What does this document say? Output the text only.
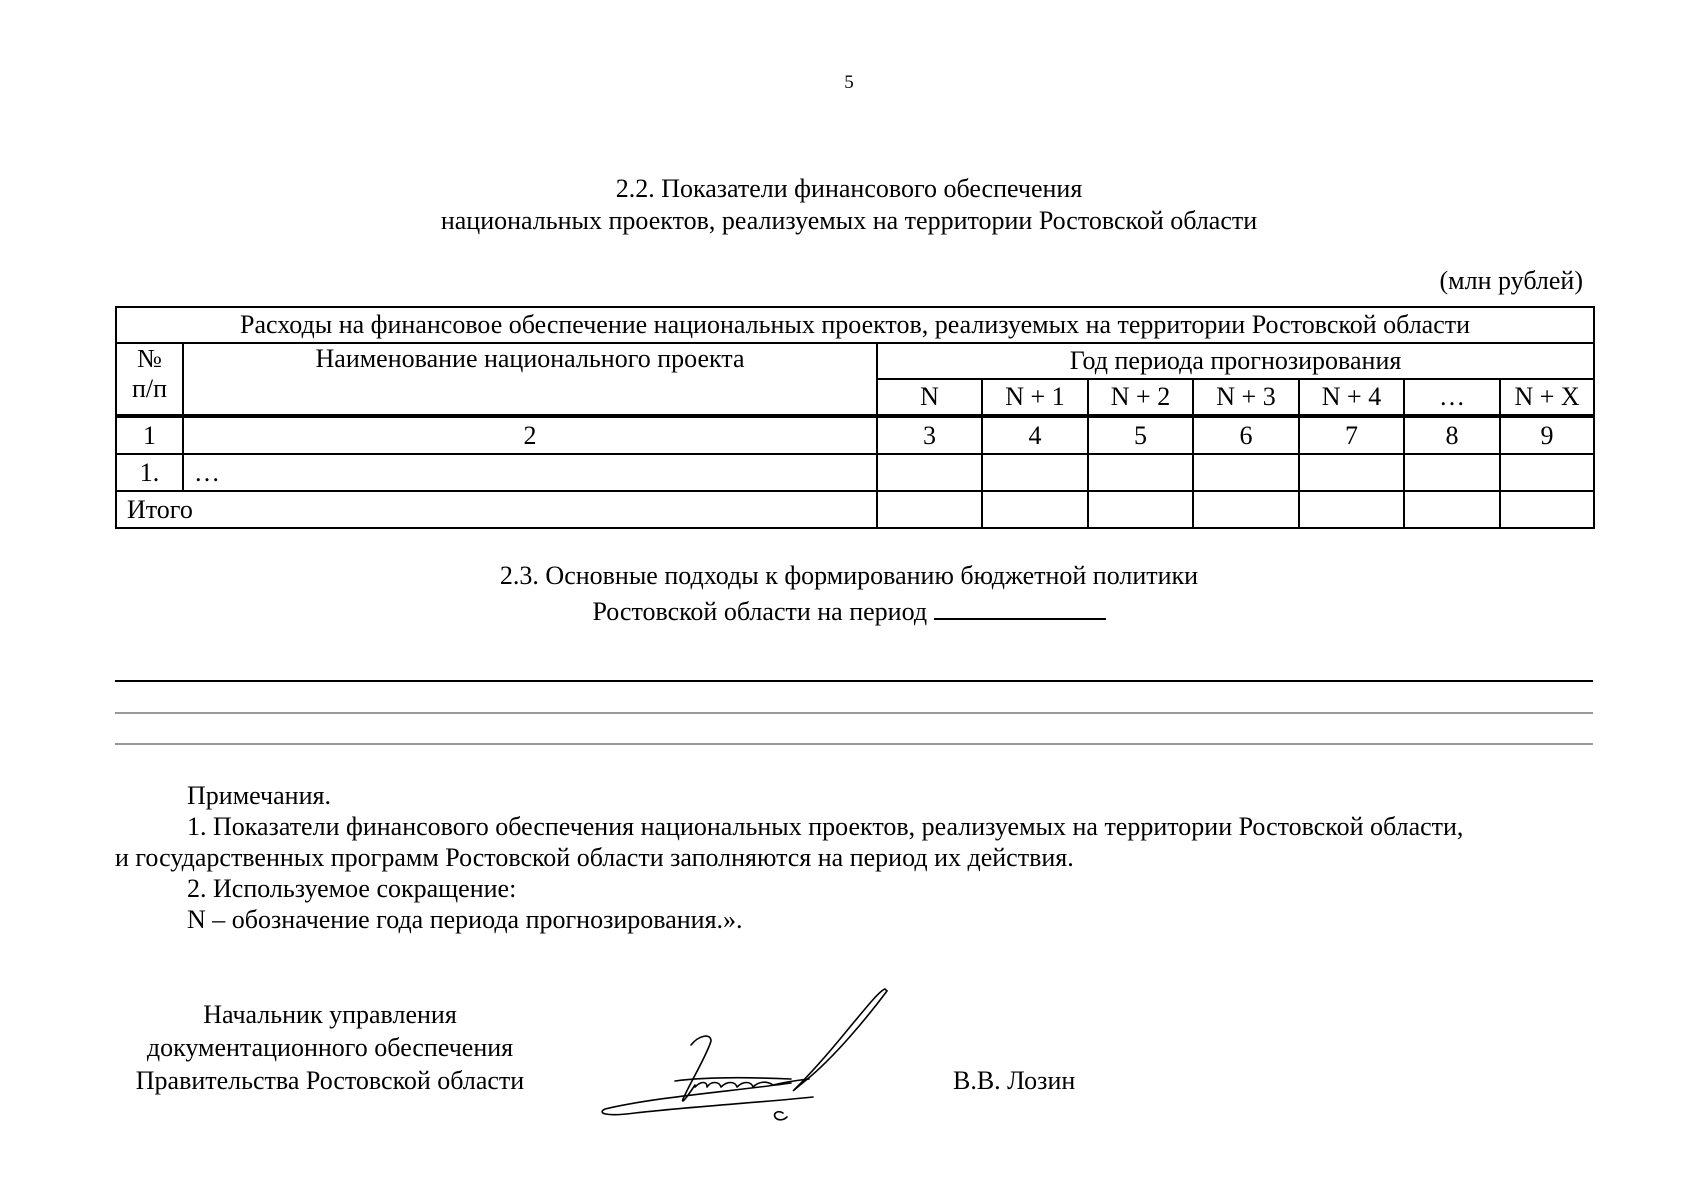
5
2.2. Показатели финансового обеспечения
национальных проектов, реализуемых на территории Ростовской области
(млн рублей)
Расходы на финансовое обеспечение национальных проектов, реализуемых на территории Ростовской области								

№
п/п	Наименование национального проекта	Год периода прогнозирования						
		N	N + 1	N + 2	N + 3	N + 4	…	N + X
1	2	3	4	5	6	7	8	9
1.	…							
Итого								
2.3. Основные подходы к формированию бюджетной политики
Ростовской области на период

Примечания.

1. Показатели финансового обеспечения национальных проектов, реализуемых на территории Ростовской области,

и государственных программ Ростовской области заполняются на период их действия.

2. Используемое сокращение:

N – обозначение года периода прогнозирования.».

Начальник управления
документационного обеспечения
Правительства Ростовской области	В.В. Лозин
